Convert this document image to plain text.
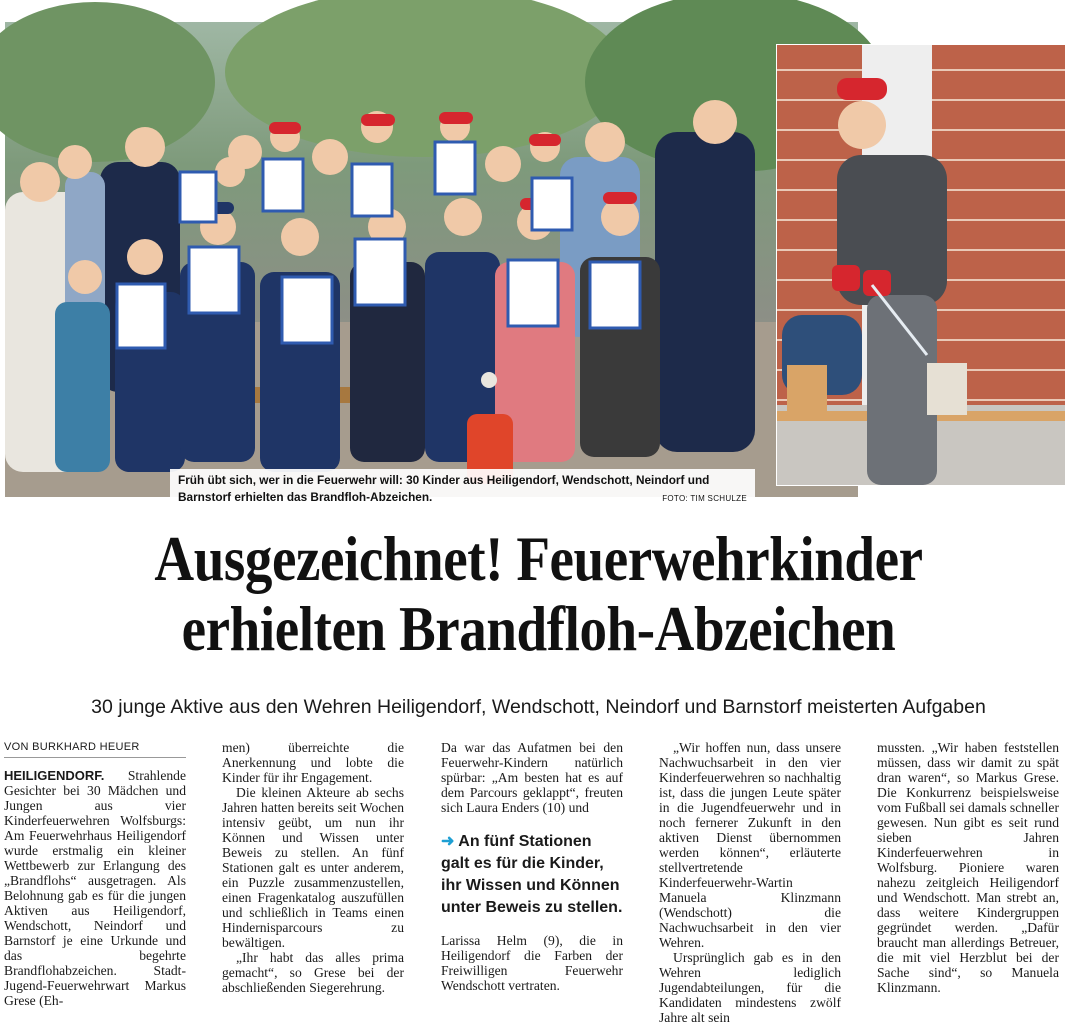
Früh übt sich, wer in die Feuerwehr will: 30 Kinder aus Heiligendorf, Wendschott, Neindorf und Barnstorf erhielten das Brandfloh-Abzeichen.	FOTO: TIM SCHULZE
Ausgezeichnet! Feuerwehrkinder
erhielten Brandfloh-Abzeichen
30 junge Aktive aus den Wehren Heiligendorf, Wendschott, Neindorf und Barnstorf meisterten Aufgaben
VON BURKHARD HEUER

HEILIGENDORF. Strahlende Gesichter bei 30 Mädchen und Jungen aus vier Kinderfeuerwehren Wolfsburgs: Am Feuerwehrhaus Heiligendorf wurde erstmalig ein kleiner Wettbewerb zur Erlangung des „Brandflohs“ ausgetragen. Als Belohnung gab es für die jungen Aktiven aus Heiligendorf, Wendschott, Neindorf und Barnstorf je eine Urkunde und das begehrte Brandflohabzeichen. Stadt-Jugend-Feuerwehrwart Markus Grese (Eh-

men) überreichte die Anerkennung und lobte die Kinder für ihr Engagement.

Die kleinen Akteure ab sechs Jahren hatten bereits seit Wochen intensiv geübt, um nun ihr Können und Wissen unter Beweis zu stellen. An fünf Stationen galt es unter anderem, ein Puzzle zusammenzustellen, einen Fragenkatalog auszufüllen und schließlich in Teams einen Hindernisparcours zu bewältigen.

„Ihr habt das alles prima gemacht“, so Grese bei der abschließenden Siegerehrung.

Da war das Aufatmen bei den Feuerwehr-Kindern natürlich spürbar: „Am besten hat es auf dem Parcours geklappt“, freuten sich Laura Enders (10) und

➜ An fünf Stationen galt es für die Kinder, ihr Wissen und Können unter Beweis zu stellen.

Larissa Helm (9), die in Heiligendorf die Farben der Freiwilligen Feuerwehr Wendschott vertraten.

„Wir hoffen nun, dass unsere Nachwuchsarbeit in den vier Kinderfeuerwehren so nachhaltig ist, dass die jungen Leute später in die Jugendfeuerwehr und in noch fernerer Zukunft in den aktiven Dienst übernommen werden können“, erläuterte stellvertretende Kinderfeuerwehr-Wartin Manuela Klinzmann (Wendschott) die Nachwuchsarbeit in den vier Wehren.

Ursprünglich gab es in den Wehren lediglich Jugendabteilungen, für die Kandidaten mindestens zwölf Jahre alt sein

mussten. „Wir haben feststellen müssen, dass wir damit zu spät dran waren“, so Markus Grese. Die Konkurrenz beispielsweise vom Fußball sei damals schneller gewesen. Nun gibt es seit rund sieben Jahren Kinderfeuerwehren in Wolfsburg. Pioniere waren nahezu zeitgleich Heiligendorf und Wendschott. Man strebt an, dass weitere Kindergruppen gegründet werden. „Dafür braucht man allerdings Betreuer, die mit viel Herzblut bei der Sache sind“, so Manuela Klinzmann.
